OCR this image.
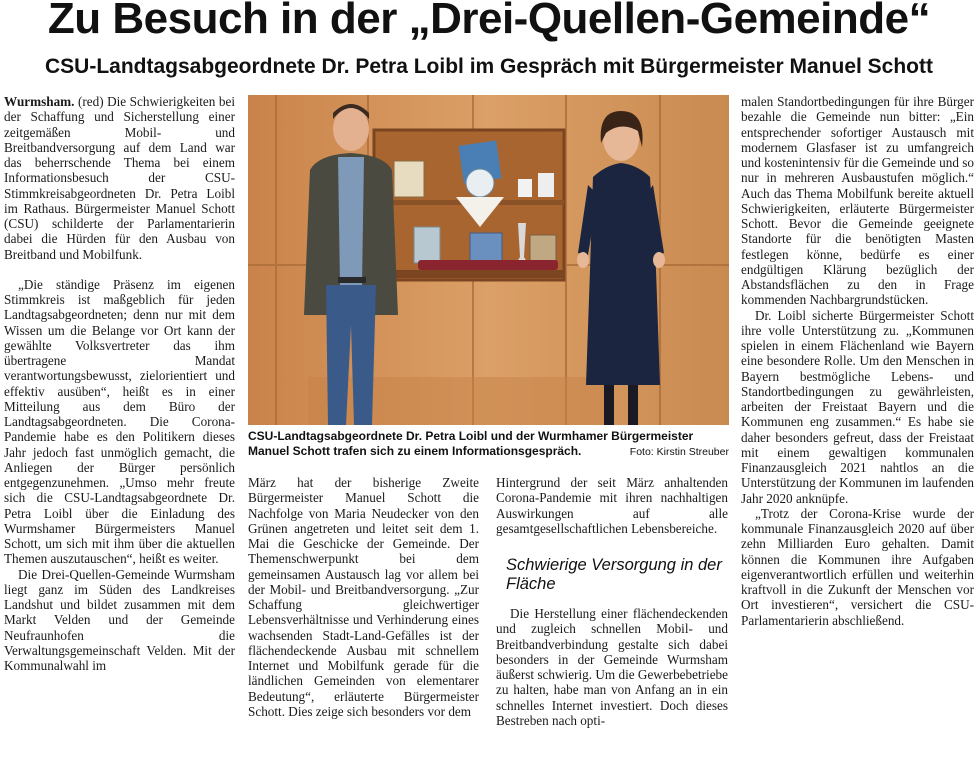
Zu Besuch in der „Drei-Quellen-Gemeinde“
CSU-Landtagsabgeordnete Dr. Petra Loibl im Gespräch mit Bürgermeister Manuel Schott

Wurmsham. (red) Die Schwierigkeiten bei der Schaffung und Sicherstellung einer zeitgemäßen Mobil- und Breitbandversorgung auf dem Land war das beherrschende Thema bei einem Informationsbesuch der CSU-Stimmkreisabgeordneten Dr. Petra Loibl im Rathaus. Bürgermeister Manuel Schott (CSU) schilderte der Parlamentarierin dabei die Hürden für den Ausbau von Breitband und Mobilfunk.

„Die ständige Präsenz im eigenen Stimmkreis ist maßgeblich für jeden Landtagsabgeordneten; denn nur mit dem Wissen um die Belange vor Ort kann der gewählte Volksvertreter das ihm übertragene Mandat verantwortungsbewusst, zielorientiert und effektiv ausüben“, heißt es in einer Mitteilung aus dem Büro der Landtagsabgeordneten. Die Corona-Pandemie habe es den Politikern dieses Jahr jedoch fast unmöglich gemacht, die Anliegen der Bürger persönlich entgegenzunehmen. „Umso mehr freute sich die CSU-Landtagsabgeordnete Dr. Petra Loibl über die Einladung des Wurmshamer Bürgermeisters Manuel Schott, um sich mit ihm über die aktuellen Themen auszutauschen“, heißt es weiter.

Die Drei-Quellen-Gemeinde Wurmsham liegt ganz im Süden des Landkreises Landshut und bildet zusammen mit dem Markt Velden und der Gemeinde Neufraunhofen die Verwaltungsgemeinschaft Velden. Mit der Kommunalwahl im

CSU-Landtagsabgeordnete Dr. Petra Loibl und der Wurmhamer Bürgermeister Manuel Schott trafen sich zu einem Informationsgespräch.	Foto: Kirstin Streuber

März hat der bisherige Zweite Bürgermeister Manuel Schott die Nachfolge von Maria Neudecker von den Grünen angetreten und leitet seit dem 1. Mai die Geschicke der Gemeinde. Der Themenschwerpunkt bei dem gemeinsamen Austausch lag vor allem bei der Mobil- und Breitbandversorgung. „Zur Schaffung gleichwertiger Lebensverhältnisse und Verhinderung eines wachsenden Stadt-Land-Gefälles ist der flächendeckende Ausbau mit schnellem Internet und Mobilfunk gerade für die ländlichen Gemeinden von elementarer Bedeutung“, erläuterte Bürgermeister Schott. Dies zeige sich besonders vor dem

Hintergrund der seit März anhaltenden Corona-Pandemie mit ihren nachhaltigen Auswirkungen auf alle gesamtgesellschaftlichen Lebensbereiche.

Schwierige Versorgung in der Fläche

Die Herstellung einer flächendeckenden und zugleich schnellen Mobil- und Breitbandverbindung gestalte sich dabei besonders in der Gemeinde Wurmsham äußerst schwierig. Um die Gewerbebetriebe zu halten, habe man von Anfang an in ein schnelles Internet investiert. Doch dieses Bestreben nach opti-

malen Standortbedingungen für ihre Bürger bezahle die Gemeinde nun bitter: „Ein entsprechender sofortiger Austausch mit modernem Glasfaser ist zu umfangreich und kostenintensiv für die Gemeinde und so nur in mehreren Ausbaustufen möglich.“ Auch das Thema Mobilfunk bereite aktuell Schwierigkeiten, erläuterte Bürgermeister Schott. Bevor die Gemeinde geeignete Standorte für die benötigten Masten festlegen könne, bedürfe es einer endgültigen Klärung bezüglich der Abstandsflächen zu den in Frage kommenden Nachbargrundstücken.

Dr. Loibl sicherte Bürgermeister Schott ihre volle Unterstützung zu. „Kommunen spielen in einem Flächenland wie Bayern eine besondere Rolle. Um den Menschen in Bayern bestmögliche Lebens- und Standortbedingungen zu gewährleisten, arbeiten der Freistaat Bayern und die Kommunen eng zusammen.“ Es habe sie daher besonders gefreut, dass der Freistaat mit einem gewaltigen kommunalen Finanzausgleich 2021 nahtlos an die Unterstützung der Kommunen im laufenden Jahr 2020 anknüpfe.

„Trotz der Corona-Krise wurde der kommunale Finanzausgleich 2020 auf über zehn Milliarden Euro gehalten. Damit können die Kommunen ihre Aufgaben eigenverantwortlich erfüllen und weiterhin kraftvoll in die Zukunft der Menschen vor Ort investieren“, versichert die CSU-Parlamentarierin abschließend.
